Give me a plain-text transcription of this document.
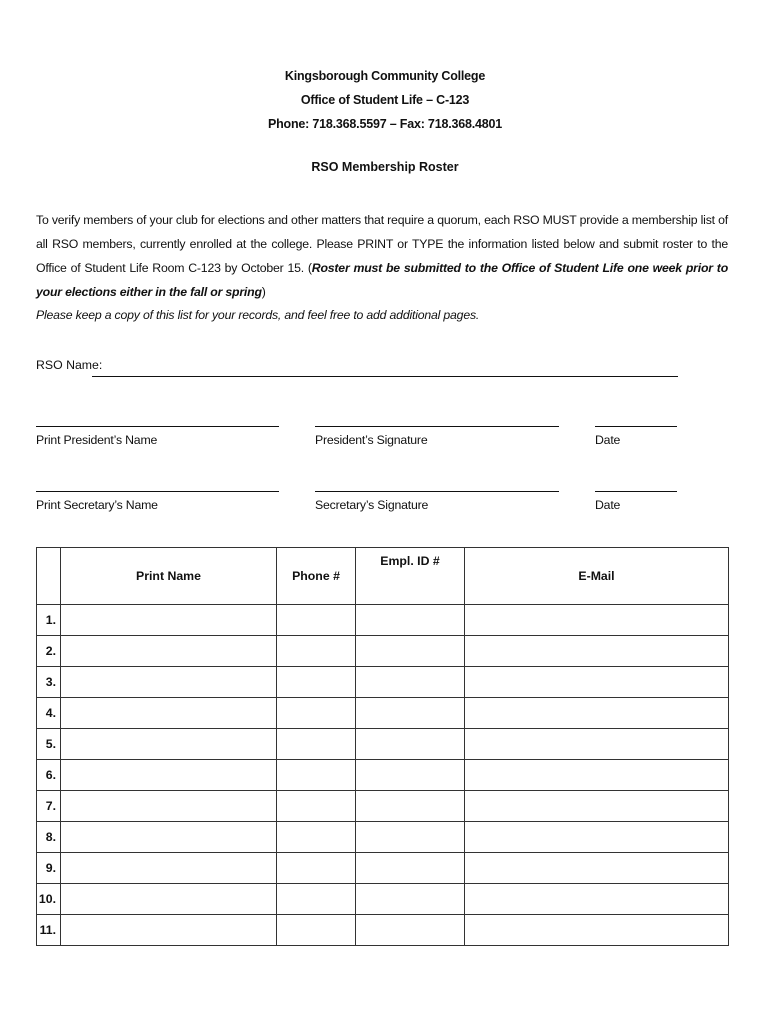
Kingsborough Community College
Office of Student Life – C-123
Phone: 718.368.5597 – Fax: 718.368.4801
RSO Membership Roster
To verify members of your club for elections and other matters that require a quorum, each RSO MUST provide a membership list of all RSO members, currently enrolled at the college. Please PRINT or TYPE the information listed below and submit roster to the Office of Student Life Room C-123 by October 15. (Roster must be submitted to the Office of Student Life one week prior to your elections either in the fall or spring)
Please keep a copy of this list for your records, and feel free to add additional pages.
RSO Name:
Print President’s Name	President’s Signature	Date
Print Secretary’s Name	Secretary’s Signature	Date
	Print Name	Phone #	Empl. ID #	E-Mail
1.				
2.				
3.				
4.				
5.				
6.				
7.				
8.				
9.				
10.				
11.				
